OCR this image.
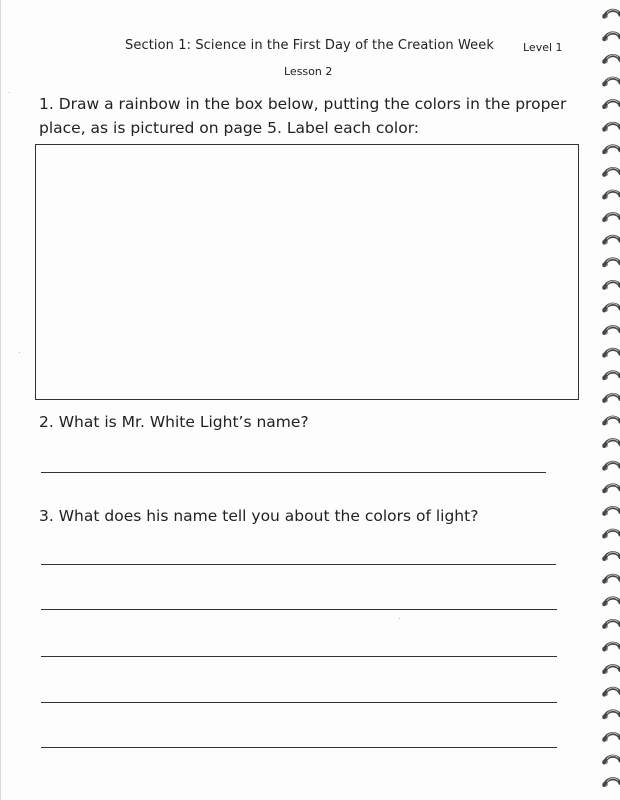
Section 1: Science in the First Day of the Creation Week	Level 1
Lesson 2
1. Draw a rainbow in the box below, putting the colors in the proper
place, as is pictured on page 5. Label each color:
2. What is Mr. White Light’s name?
3. What does his name tell you about the colors of light?
